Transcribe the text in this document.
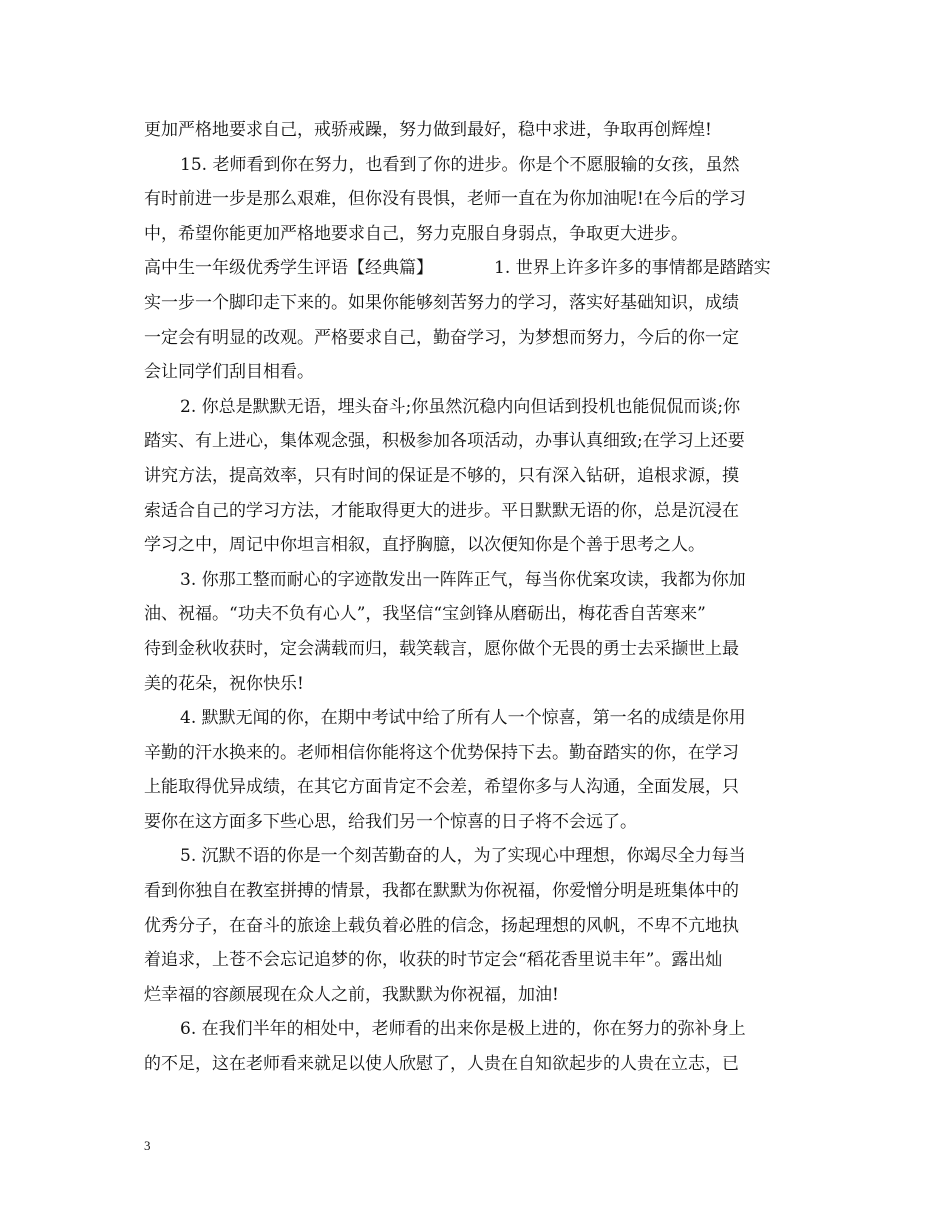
更加严格地要求自己，戒骄戒躁，努力做到最好，稳中求进，争取再创辉煌!
15. 老师看到你在努力，也看到了你的进步。你是个不愿服输的女孩，虽然
有时前进一步是那么艰难，但你没有畏惧，老师一直在为你加油呢!在今后的学习
中，希望你能更加严格地要求自己，努力克服自身弱点，争取更大进步。
高中生一年级优秀学生评语【经典篇】	1. 世界上许多许多的事情都是踏踏实
实一步一个脚印走下来的。如果你能够刻苦努力的学习，落实好基础知识，成绩
一定会有明显的改观。严格要求自己，勤奋学习，为梦想而努力，今后的你一定
会让同学们刮目相看。
2. 你总是默默无语，埋头奋斗;你虽然沉稳内向但话到投机也能侃侃而谈;你
踏实、有上进心，集体观念强，积极参加各项活动，办事认真细致;在学习上还要
讲究方法，提高效率，只有时间的保证是不够的，只有深入钻研，追根求源，摸
索适合自己的学习方法，才能取得更大的进步。平日默默无语的你，总是沉浸在
学习之中，周记中你坦言相叙，直抒胸臆，以次便知你是个善于思考之人。
3. 你那工整而耐心的字迹散发出一阵阵正气，每当你优案攻读，我都为你加
油、祝福。“功夫不负有心人”，我坚信“宝剑锋从磨砺出，梅花香自苦寒来”
待到金秋收获时，定会满载而归，载笑载言，愿你做个无畏的勇士去采撷世上最
美的花朵，祝你快乐!
4. 默默无闻的你，在期中考试中给了所有人一个惊喜，第一名的成绩是你用
辛勤的汗水换来的。老师相信你能将这个优势保持下去。勤奋踏实的你，在学习
上能取得优异成绩，在其它方面肯定不会差，希望你多与人沟通，全面发展，只
要你在这方面多下些心思，给我们另一个惊喜的日子将不会远了。
5. 沉默不语的你是一个刻苦勤奋的人，为了实现心中理想，你竭尽全力每当
看到你独自在教室拼搏的情景，我都在默默为你祝福，你爱憎分明是班集体中的
优秀分子，在奋斗的旅途上载负着必胜的信念，扬起理想的风帆，不卑不亢地执
着追求，上苍不会忘记追梦的你，收获的时节定会“稻花香里说丰年”。露出灿
烂幸福的容颜展现在众人之前，我默默为你祝福，加油!
6. 在我们半年的相处中，老师看的出来你是极上进的，你在努力的弥补身上
的不足，这在老师看来就足以使人欣慰了，人贵在自知欲起步的人贵在立志，已
3
